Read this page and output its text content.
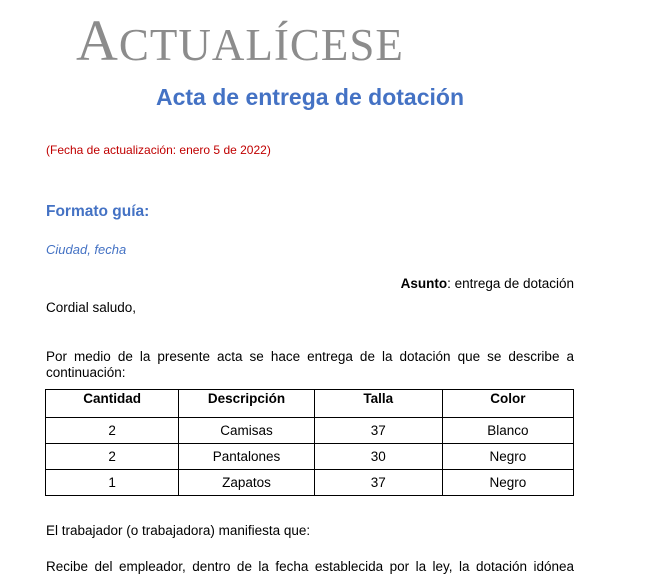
ACTUALÍCESE
Acta de entrega de dotación
(Fecha de actualización: enero 5 de 2022)
Formato guía:
Ciudad, fecha
Asunto: entrega de dotación
Cordial saludo,
Por medio de la presente acta se hace entrega de la dotación que se describe a continuación:
Cantidad	Descripción	Talla	Color
2	Camisas	37	Blanco
2	Pantalones	30	Negro
1	Zapatos	37	Negro
El trabajador (o trabajadora) manifiesta que:
Recibe del empleador, dentro de la fecha establecida por la ley, la dotación idónea
